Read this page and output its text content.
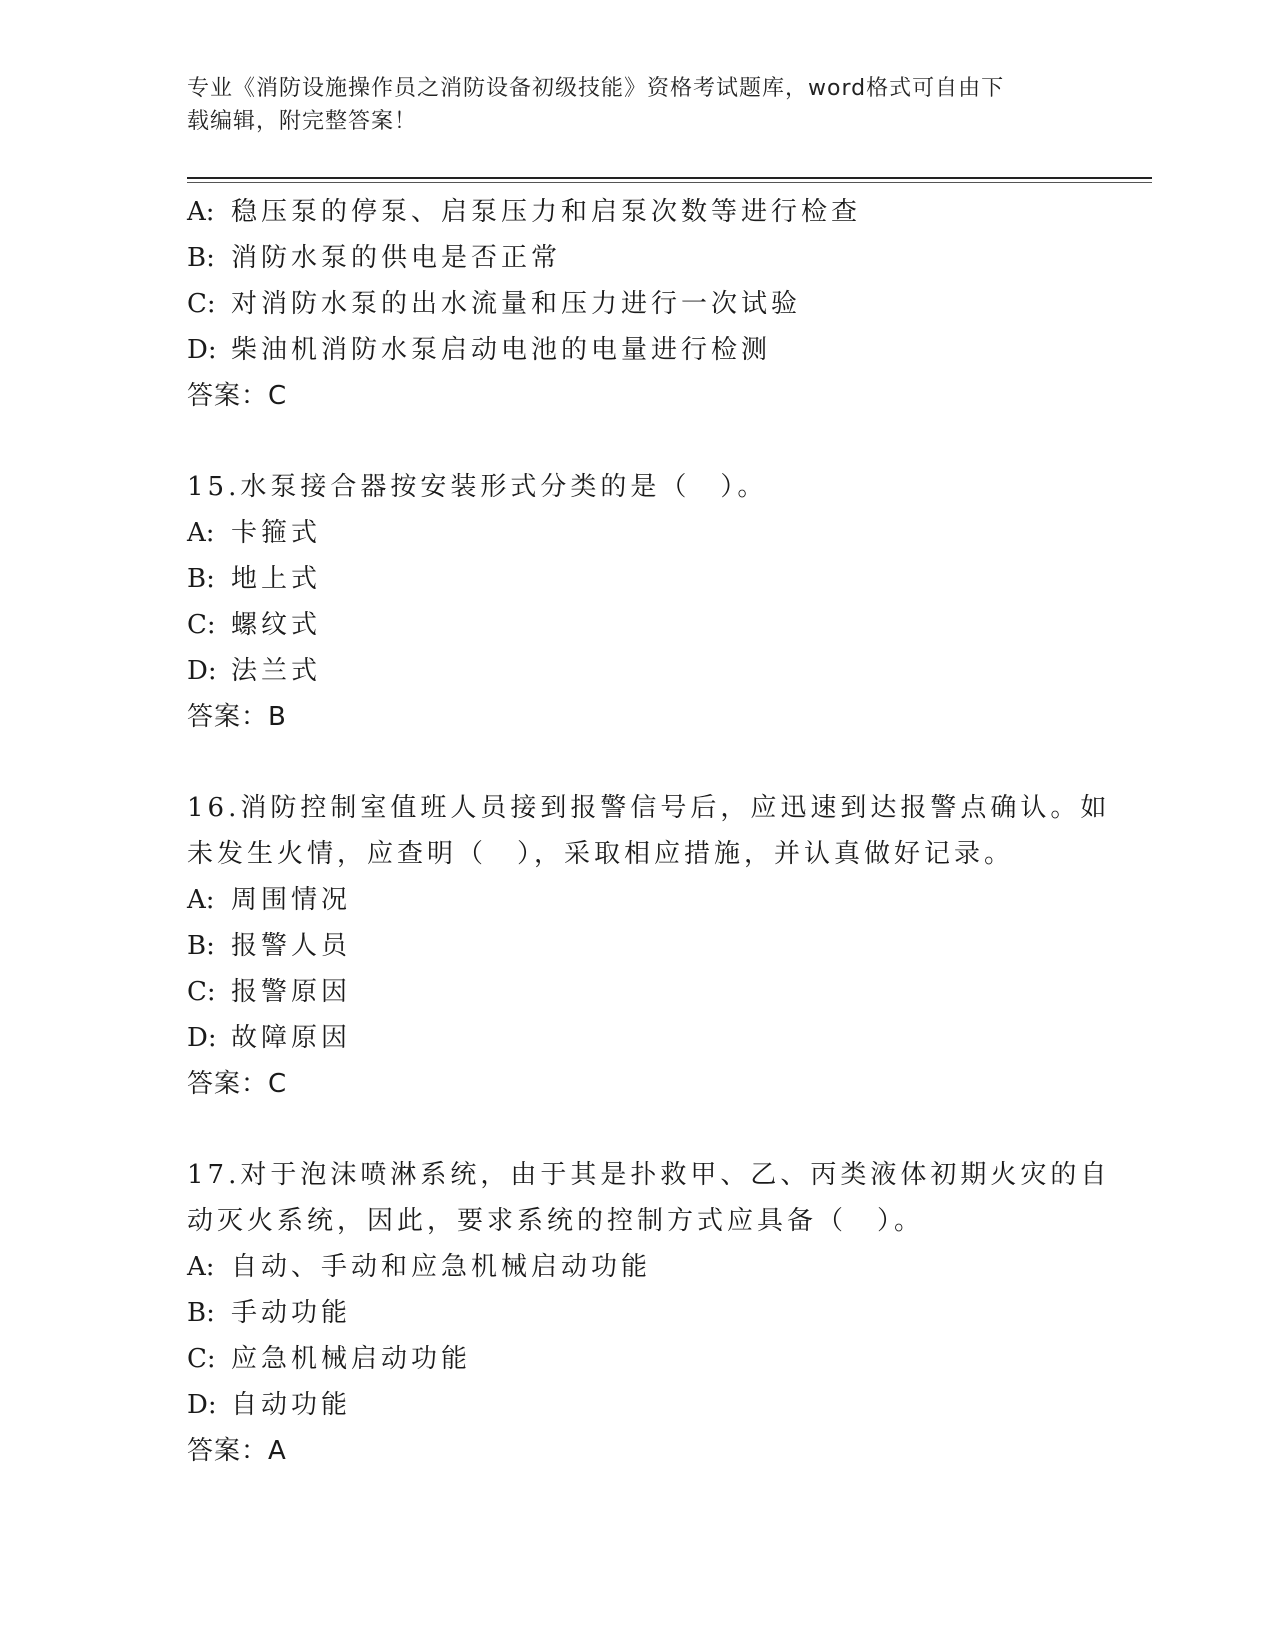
专业《消防设施操作员之消防设备初级技能》资格考试题库，word格式可自由下
载编辑，附完整答案！
A: 稳压泵的停泵、启泵压力和启泵次数等进行检查
B: 消防水泵的供电是否正常
C: 对消防水泵的出水流量和压力进行一次试验
D: 柴油机消防水泵启动电池的电量进行检测
答案：C
15.水泵接合器按安装形式分类的是（　）。
A: 卡箍式
B: 地上式
C: 螺纹式
D: 法兰式
答案：B
16.消防控制室值班人员接到报警信号后，应迅速到达报警点确认。如
未发生火情，应查明（　），采取相应措施，并认真做好记录。
A: 周围情况
B: 报警人员
C: 报警原因
D: 故障原因
答案：C
17.对于泡沫喷淋系统，由于其是扑救甲、乙、丙类液体初期火灾的自
动灭火系统，因此，要求系统的控制方式应具备（　）。
A: 自动、手动和应急机械启动功能
B: 手动功能
C: 应急机械启动功能
D: 自动功能
答案：A
